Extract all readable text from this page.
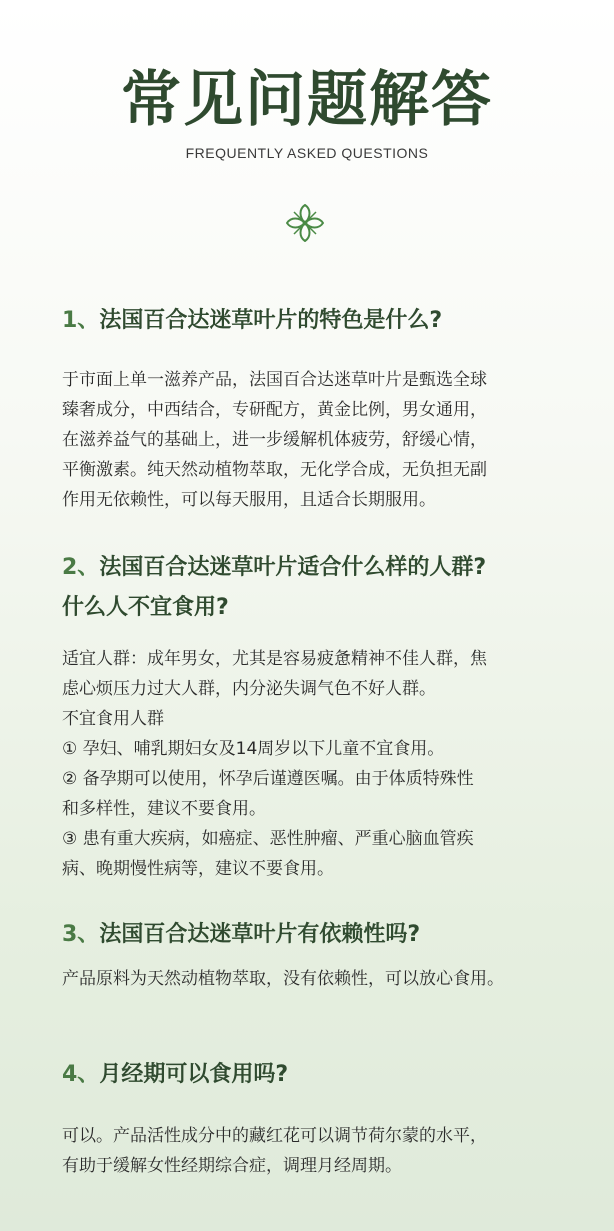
常见问题解答
FREQUENTLY ASKED QUESTIONS
1、法国百合达迷草叶片的特色是什么?
于市面上单一滋养产品，法国百合达迷草叶片是甄选全球
臻奢成分，中西结合，专研配方，黄金比例，男女通用，
在滋养益气的基础上，进一步缓解机体疲劳，舒缓心情，
平衡激素。纯天然动植物萃取，无化学合成，无负担无副
作用无依赖性，可以每天服用，且适合长期服用。
2、法国百合达迷草叶片适合什么样的人群?
什么人不宜食用?
适宜人群：成年男女，尤其是容易疲惫精神不佳人群，焦
虑心烦压力过大人群，内分泌失调气色不好人群。
不宜食用人群
① 孕妇、哺乳期妇女及14周岁以下儿童不宜食用。
② 备孕期可以使用，怀孕后谨遵医嘱。由于体质特殊性
和多样性，建议不要食用。
③ 患有重大疾病，如癌症、恶性肿瘤、严重心脑血管疾
病、晚期慢性病等，建议不要食用。
3、法国百合达迷草叶片有依赖性吗?
产品原料为天然动植物萃取，没有依赖性，可以放心食用。
4、月经期可以食用吗?
可以。产品活性成分中的藏红花可以调节荷尔蒙的水平，
有助于缓解女性经期综合症，调理月经周期。
